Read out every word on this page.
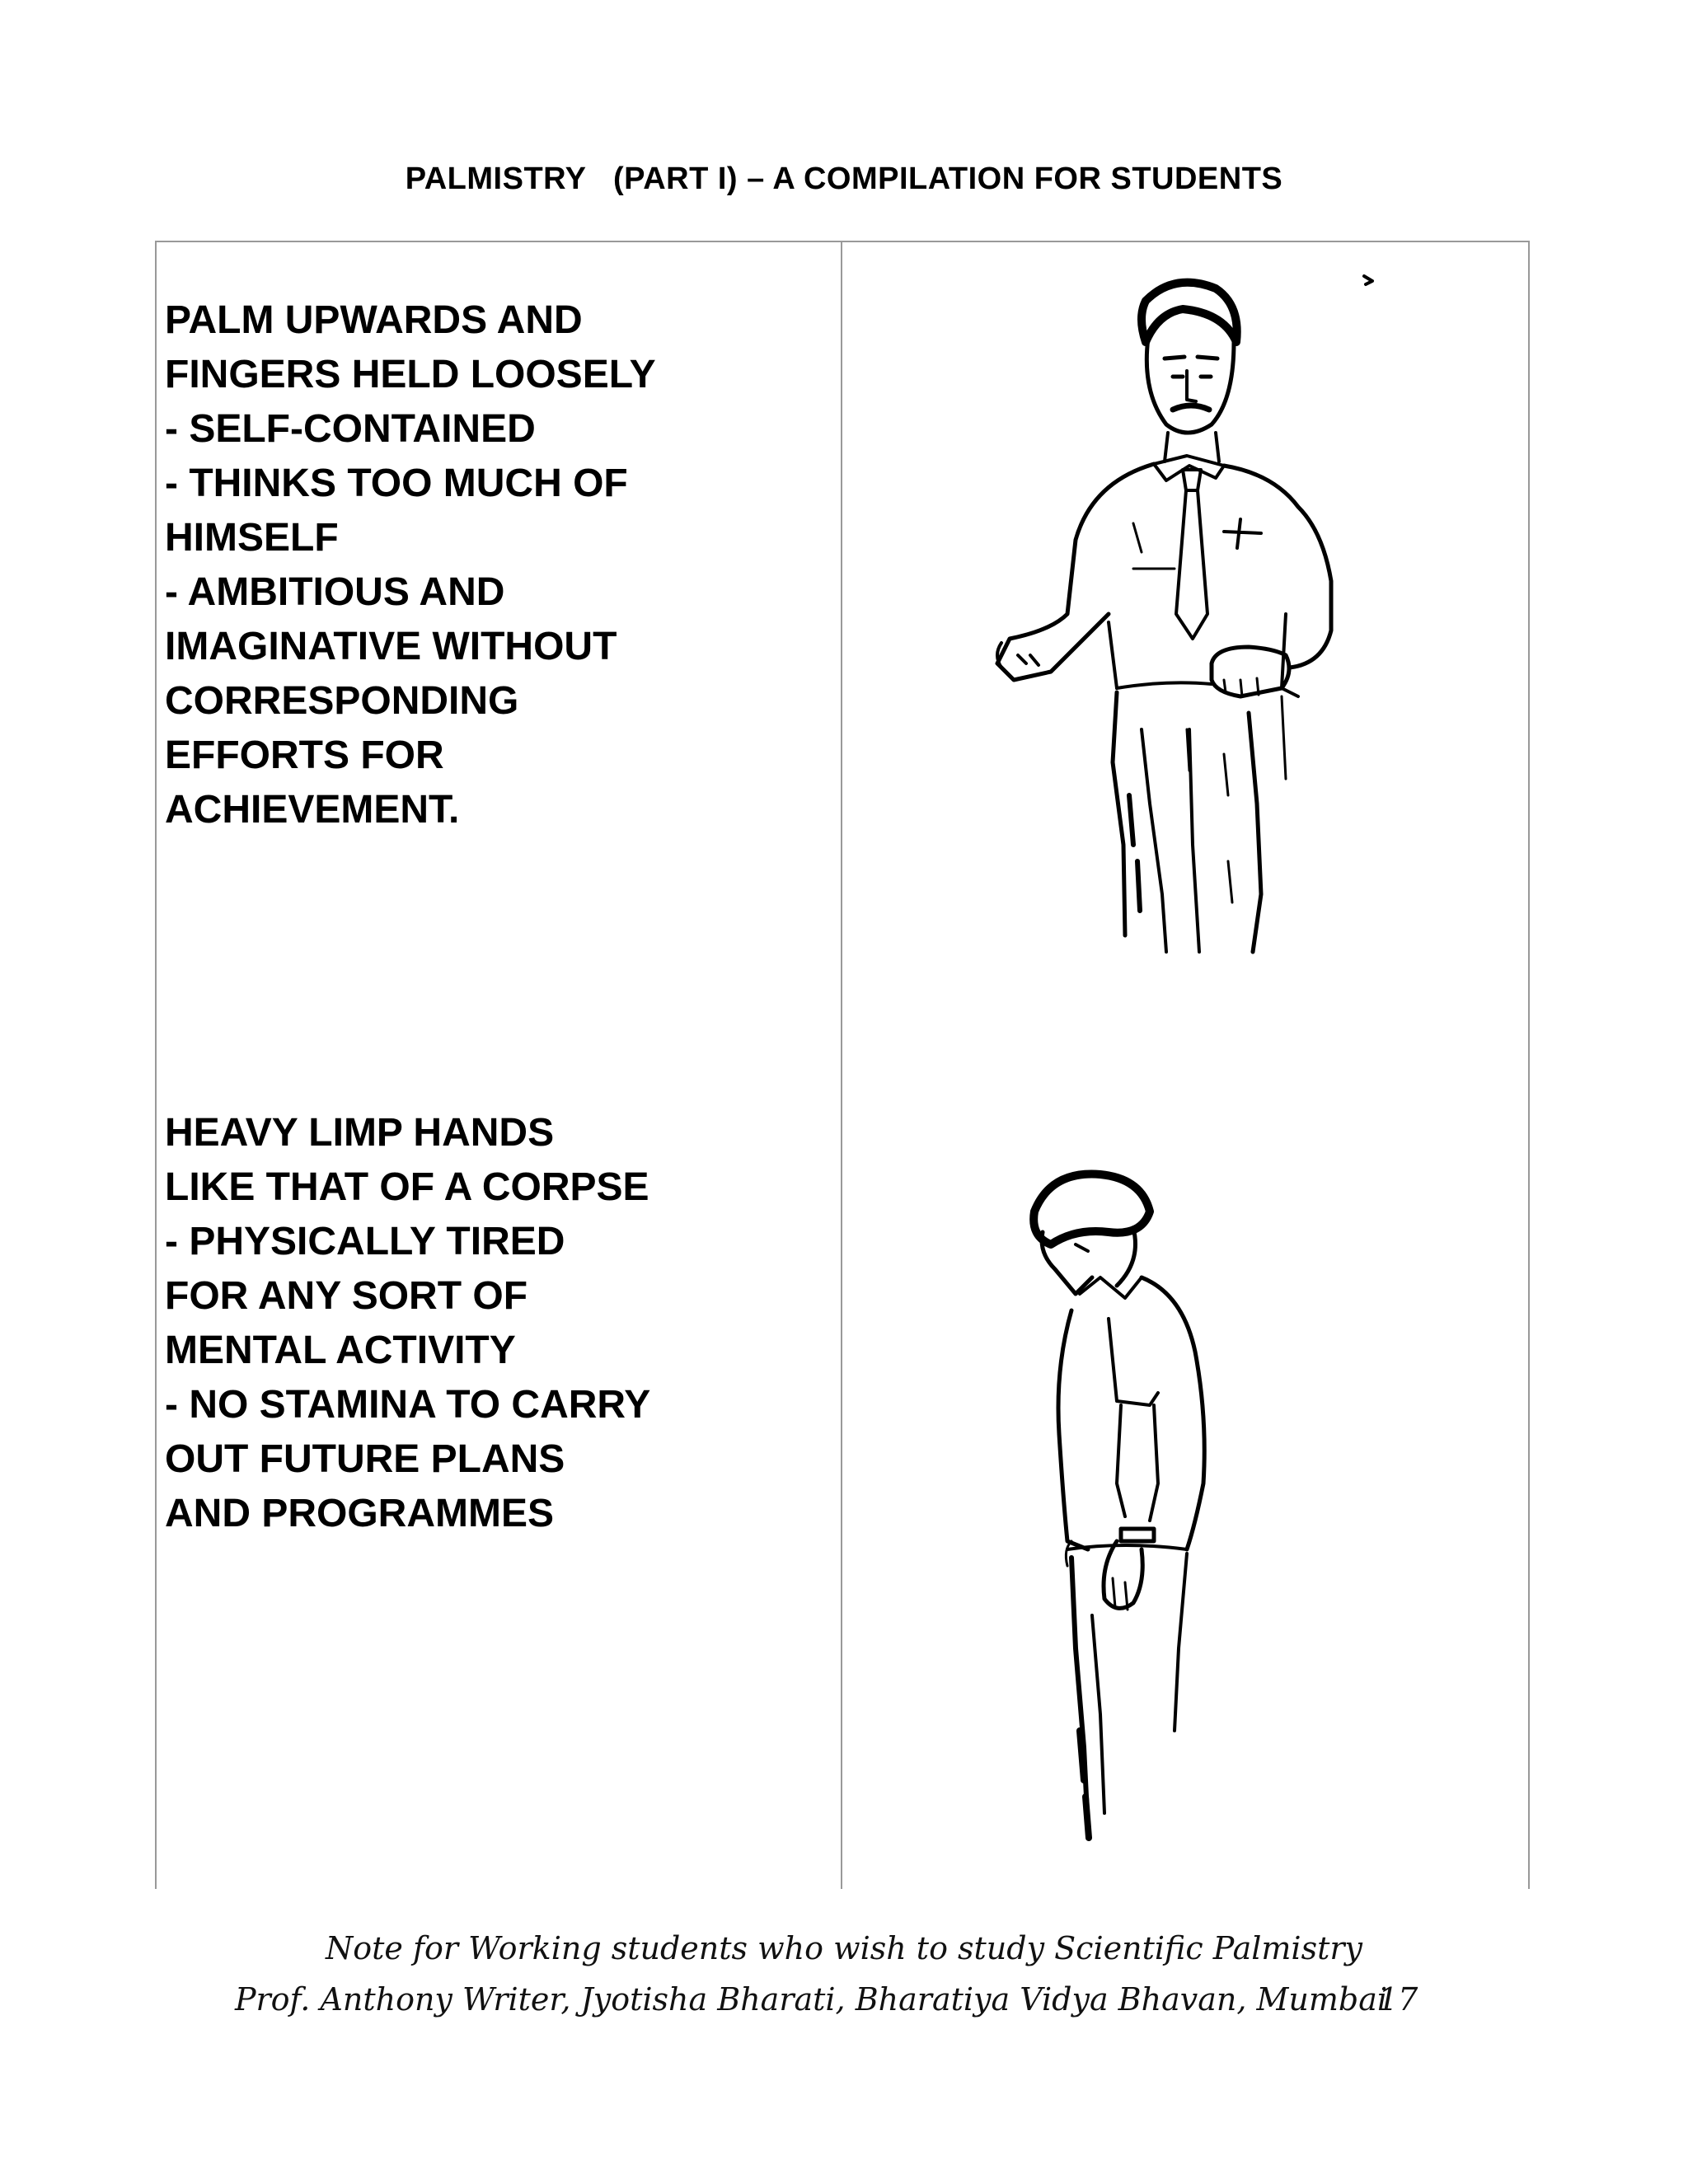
PALMISTRY   (PART I) – A COMPILATION FOR STUDENTS
PALM UPWARDS AND
FINGERS HELD LOOSELY
- SELF-CONTAINED
- THINKS TOO MUCH OF
HIMSELF
- AMBITIOUS AND
IMAGINATIVE WITHOUT
CORRESPONDING
EFFORTS FOR
ACHIEVEMENT.
HEAVY LIMP HANDS
LIKE THAT OF A CORPSE
- PHYSICALLY TIRED
FOR ANY SORT OF
MENTAL ACTIVITY
- NO STAMINA TO CARRY
OUT FUTURE PLANS
AND PROGRAMMES
Note for Working students who wish to study Scientific Palmistry
Prof. Anthony Writer, Jyotisha Bharati, Bharatiya Vidya Bhavan, Mumbai
17
